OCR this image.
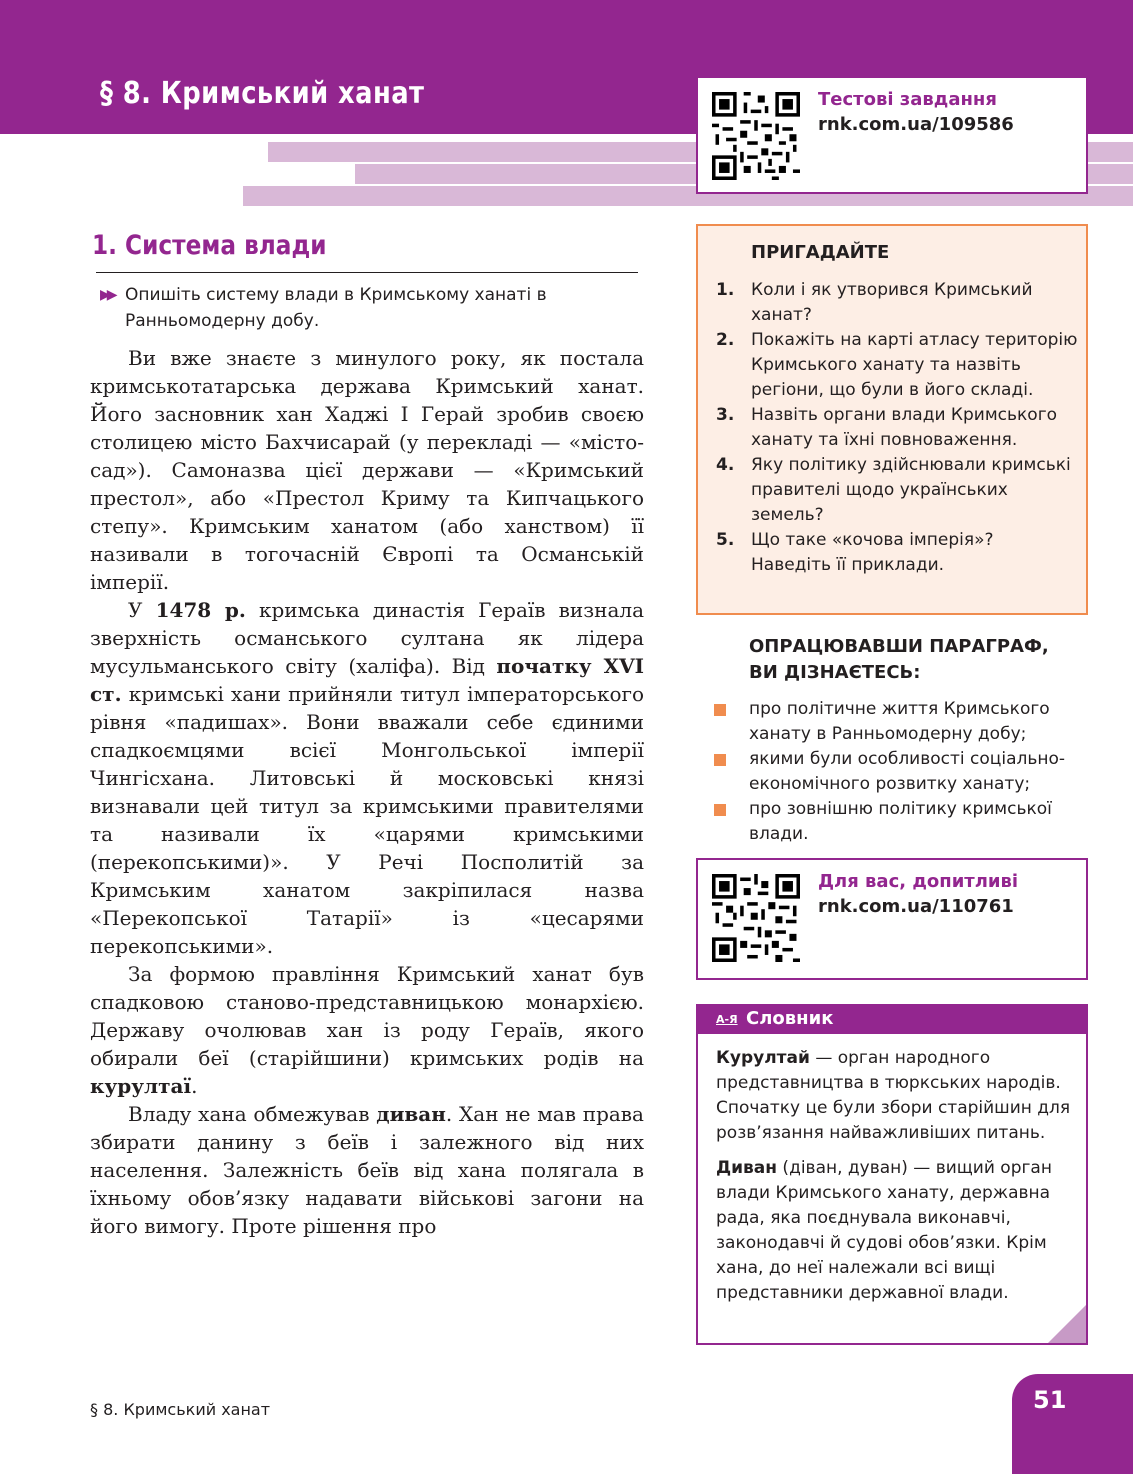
§ 8. Кримський ханат	Тестові завдання
rnk.com.ua/109586
1. Система влади
▶▶ Опишіть систему влади в Кримському ханаті в Ранньомодерну добу.

Ви вже знаєте з минулого року, як постала кримськотатарська держава Кримський ханат. Його засновник хан Хаджі І Герай зробив своєю столицею місто Бахчисарай (у перекладі — «місто-сад»). Самоназва цієї держави — «Кримський престол», або «Престол Криму та Кипчацького степу». Кримським ханатом (або ханством) її називали в тогочасній Європі та Османській імперії.

У 1478 р. кримська династія Гераїв визнала зверхність османського султана як лідера мусульманського світу (халіфа). Від початку XVI ст. кримські хани прийняли титул імператорського рівня «падишах». Вони вважали себе єдиними спадкоємцями всієї Монгольської імперії Чингісхана. Литовські й московські князі визнавали цей титул за кримськими правителями та називали їх «царями кримськими (перекопськими)». У Речі Посполитій за Кримським ханатом закріпилася назва «Перекопської Татарії» із «цесарями перекопськими».

За формою правління Кримський ханат був спадковою станово-представницькою монархією. Державу очолював хан із роду Гераїв, якого обирали беї (старійшини) кримських родів на курултаї.

Владу хана обмежував диван. Хан не мав права збирати данину з беїв і залежного від них населення. Залежність беїв від хана полягала в їхньому обов’язку надавати військові загони на його вимогу. Проте рішення про

ПРИГАДАЙТЕ
1. Коли і як утворився Кримський ханат?
2. Покажіть на карті атласу територію Кримського ханату та назвіть регіони, що були в його складі.
3. Назвіть органи влади Кримського ханату та їхні повноваження.
4. Яку політику здійснювали кримські правителі щодо українських земель?
5. Що таке «кочова імперія»? Наведіть її приклади.
ОПРАЦЮВАВШИ ПАРАГРАФ, ВИ ДІЗНАЄТЕСЬ:
про політичне життя Кримського ханату в Ранньомодерну добу;
якими були особливості соціально-економічного розвитку ханату;
про зовнішню політику кримської влади.
Для вас, допитливі
rnk.com.ua/110761
А-Я Словник

Курултай — орган народного представництва в тюркських народів. Спочатку це були збори старійшин для розв’язання найважливіших питань.

Диван (діван, дуван) — вищий орган влади Кримського ханату, державна рада, яка поєднувала виконавчі, законодавчі й судові обов’язки. Крім хана, до неї належали всі вищі представники державної влади.

§ 8. Кримський ханат	51
